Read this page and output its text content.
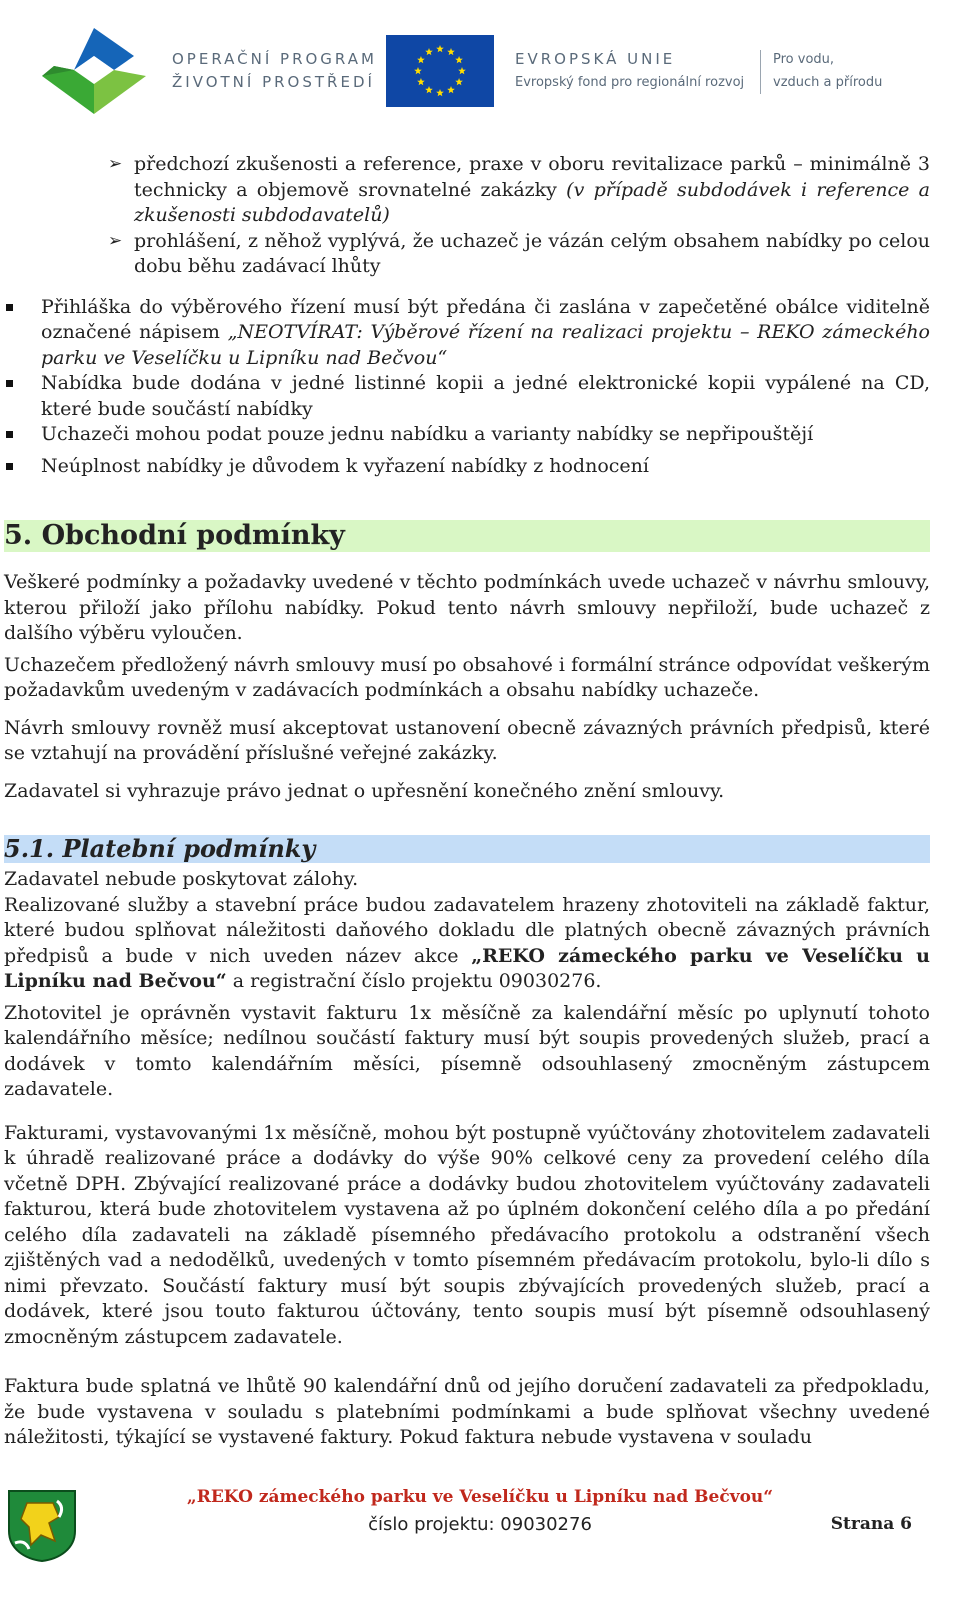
OPERAČNÍ PROGRAM
ŽIVOTNÍ PROSTŘEDÍ
EVROPSKÁ UNIE
Evropský fond pro regionální rozvoj
Pro vodu,
vzduch a přírodu
➢ předchozí zkušenosti a reference, praxe v oboru revitalizace parků – minimálně 3 technicky a objemově srovnatelné zakázky (v případě subdodávek i reference a zkušenosti subdodavatelů)
➢ prohlášení, z něhož vyplývá, že uchazeč je vázán celým obsahem nabídky po celou dobu běhu zadávací lhůty
Přihláška do výběrového řízení musí být předána či zaslána v zapečetěné obálce viditelně označené nápisem „NEOTVÍRAT: Výběrové řízení na realizaci projektu – REKO zámeckého parku ve Veselíčku u Lipníku nad Bečvou“
Nabídka bude dodána v jedné listinné kopii a jedné elektronické kopii vypálené na CD, které bude součástí nabídky
Uchazeči mohou podat pouze jednu nabídku a varianty nabídky se nepřipouštějí
Neúplnost nabídky je důvodem k vyřazení nabídky z hodnocení
5. Obchodní podmínky

Veškeré podmínky a požadavky uvedené v těchto podmínkách uvede uchazeč v návrhu smlouvy, kterou přiloží jako přílohu nabídky. Pokud tento návrh smlouvy nepřiloží, bude uchazeč z dalšího výběru vyloučen.

Uchazečem předložený návrh smlouvy musí po obsahové i formální stránce odpovídat veškerým požadavkům uvedeným v zadávacích podmínkách a obsahu nabídky uchazeče.

Návrh smlouvy rovněž musí akceptovat ustanovení obecně závazných právních předpisů, které se vztahují na provádění příslušné veřejné zakázky.

Zadavatel si vyhrazuje právo jednat o upřesnění konečného znění smlouvy.

5.1. Platební podmínky

Zadavatel nebude poskytovat zálohy.

Realizované služby a stavební práce budou zadavatelem hrazeny zhotoviteli na základě faktur, které budou splňovat náležitosti daňového dokladu dle platných obecně závazných právních předpisů a bude v nich uveden název akce „REKO zámeckého parku ve Veselíčku u Lipníku nad Bečvou“ a registrační číslo projektu 09030276.

Zhotovitel je oprávněn vystavit fakturu 1x měsíčně za kalendářní měsíc po uplynutí tohoto kalendářního měsíce; nedílnou součástí faktury musí být soupis provedených služeb, prací a dodávek v tomto kalendářním měsíci, písemně odsouhlasený zmocněným zástupcem zadavatele.

Fakturami, vystavovanými 1x měsíčně, mohou být postupně vyúčtovány zhotovitelem zadavateli k úhradě realizované práce a dodávky do výše 90% celkové ceny za provedení celého díla včetně DPH. Zbývající realizované práce a dodávky budou zhotovitelem vyúčtovány zadavateli fakturou, která bude zhotovitelem vystavena až po úplném dokončení celého díla a po předání celého díla zadavateli na základě písemného předávacího protokolu a odstranění všech zjištěných vad a nedodělků, uvedených v tomto písemném předávacím protokolu, bylo-li dílo s nimi převzato. Součástí faktury musí být soupis zbývajících provedených služeb, prací a dodávek, které jsou touto fakturou účtovány, tento soupis musí být písemně odsouhlasený zmocněným zástupcem zadavatele.

Faktura bude splatná ve lhůtě 90 kalendářní dnů od jejího doručení zadavateli za předpokladu, že bude vystavena v souladu s platebními podmínkami a bude splňovat všechny uvedené náležitosti, týkající se vystavené faktury. Pokud faktura nebude vystavena v souladu

„REKO zámeckého parku ve Veselíčku u Lipníku nad Bečvou“
číslo projektu: 09030276	Strana 6
